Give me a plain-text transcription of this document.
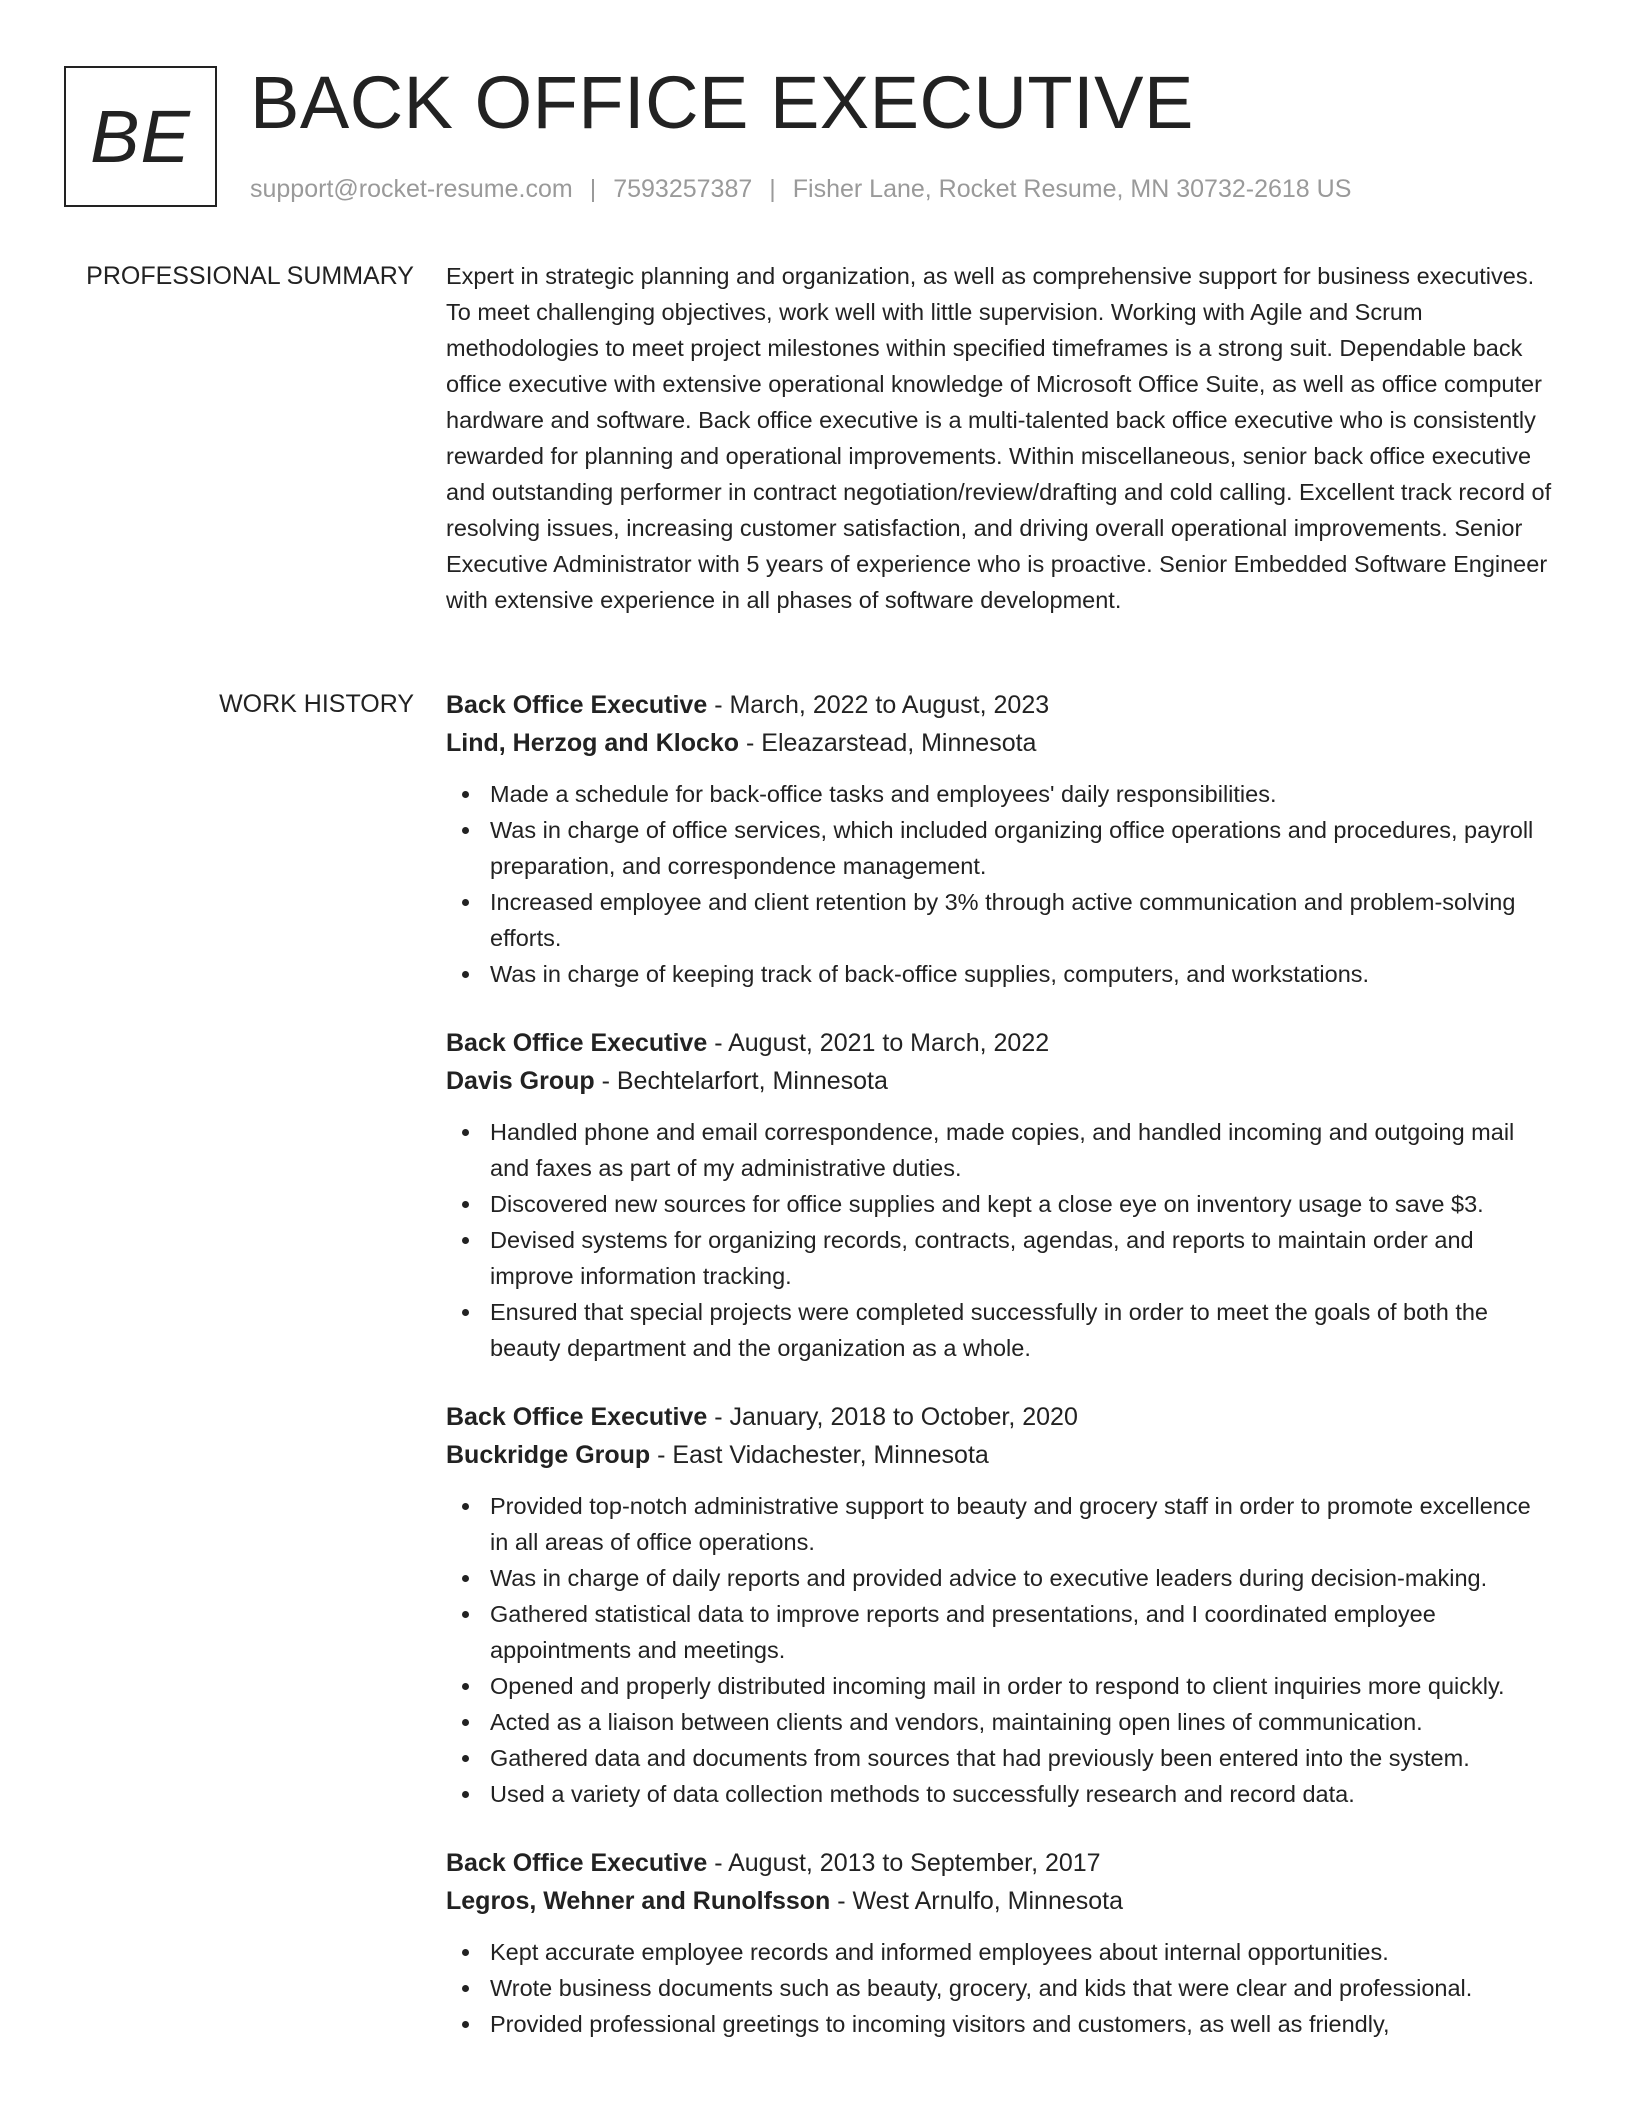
BE BACK OFFICE EXECUTIVE
support@rocket-resume.com | 7593257387 | Fisher Lane, Rocket Resume, MN 30732-2618 US
PROFESSIONAL SUMMARY Expert in strategic planning and organization, as well as comprehensive support for business executives. To meet challenging objectives, work well with little supervision. Working with Agile and Scrum methodologies to meet project milestones within specified timeframes is a strong suit. Dependable back office executive with extensive operational knowledge of Microsoft Office Suite, as well as office computer hardware and software. Back office executive is a multi-talented back office executive who is consistently rewarded for planning and operational improvements. Within miscellaneous, senior back office executive and outstanding performer in contract negotiation/review/drafting and cold calling. Excellent track record of resolving issues, increasing customer satisfaction, and driving overall operational improvements. Senior Executive Administrator with 5 years of experience who is proactive. Senior Embedded Software Engineer with extensive experience in all phases of software development.

WORK HISTORY Back Office Executive - March, 2022 to August, 2023
Lind, Herzog and Klocko - Eleazarstead, Minnesota
Made a schedule for back-office tasks and employees' daily responsibilities.
Was in charge of office services, which included organizing office operations and procedures, payroll preparation, and correspondence management.
Increased employee and client retention by 3% through active communication and problem-solving efforts.
Was in charge of keeping track of back-office supplies, computers, and workstations.
Back Office Executive - August, 2021 to March, 2022
Davis Group - Bechtelarfort, Minnesota
Handled phone and email correspondence, made copies, and handled incoming and outgoing mail and faxes as part of my administrative duties.
Discovered new sources for office supplies and kept a close eye on inventory usage to save $3.
Devised systems for organizing records, contracts, agendas, and reports to maintain order and improve information tracking.
Ensured that special projects were completed successfully in order to meet the goals of both the beauty department and the organization as a whole.
Back Office Executive - January, 2018 to October, 2020
Buckridge Group - East Vidachester, Minnesota
Provided top-notch administrative support to beauty and grocery staff in order to promote excellence in all areas of office operations.
Was in charge of daily reports and provided advice to executive leaders during decision-making.
Gathered statistical data to improve reports and presentations, and I coordinated employee appointments and meetings.
Opened and properly distributed incoming mail in order to respond to client inquiries more quickly.
Acted as a liaison between clients and vendors, maintaining open lines of communication.
Gathered data and documents from sources that had previously been entered into the system.
Used a variety of data collection methods to successfully research and record data.
Back Office Executive - August, 2013 to September, 2017
Legros, Wehner and Runolfsson - West Arnulfo, Minnesota
Kept accurate employee records and informed employees about internal opportunities.
Wrote business documents such as beauty, grocery, and kids that were clear and professional.
Provided professional greetings to incoming visitors and customers, as well as friendly,
